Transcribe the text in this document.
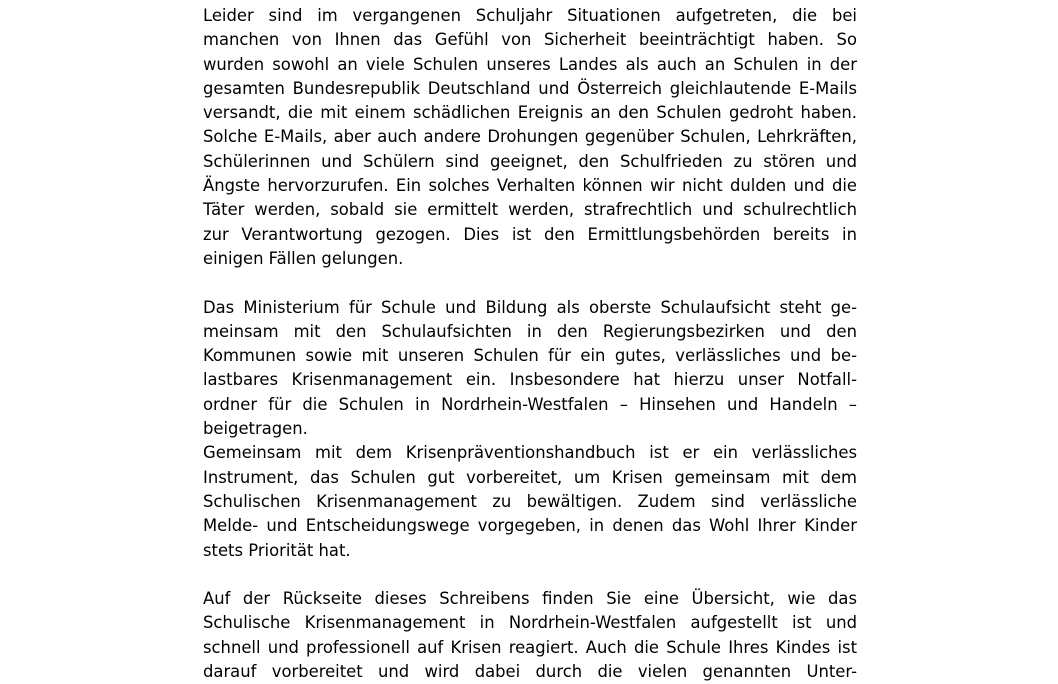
Leider sind im vergangenen Schuljahr Situationen aufgetreten, die bei
manchen von Ihnen das Gefühl von Sicherheit beeinträchtigt haben. So
wurden sowohl an viele Schulen unseres Landes als auch an Schulen in der
gesamten Bundesrepublik Deutschland und Österreich gleichlautende E-Mails
versandt, die mit einem schädlichen Ereignis an den Schulen gedroht haben.
Solche E-Mails, aber auch andere Drohungen gegenüber Schulen, Lehrkräften,
Schülerinnen und Schülern sind geeignet, den Schulfrieden zu stören und
Ängste hervorzurufen. Ein solches Verhalten können wir nicht dulden und die
Täter werden, sobald sie ermittelt werden, strafrechtlich und schulrechtlich
zur Verantwortung gezogen. Dies ist den Ermittlungsbehörden bereits in
einigen Fällen gelungen.

Das Ministerium für Schule und Bildung als oberste Schulaufsicht steht ge-
meinsam mit den Schulaufsichten in den Regierungsbezirken und den
Kommunen sowie mit unseren Schulen für ein gutes, verlässliches und be-
lastbares Krisenmanagement ein. Insbesondere hat hierzu unser Notfall-
ordner für die Schulen in Nordrhein-Westfalen – Hinsehen und Handeln –
beigetragen.

Gemeinsam mit dem Krisenpräventionshandbuch ist er ein verlässliches
Instrument, das Schulen gut vorbereitet, um Krisen gemeinsam mit dem
Schulischen Krisenmanagement zu bewältigen. Zudem sind verlässliche
Melde- und Entscheidungswege vorgegeben, in denen das Wohl Ihrer Kinder
stets Priorität hat.

Auf der Rückseite dieses Schreibens finden Sie eine Übersicht, wie das
Schulische Krisenmanagement in Nordrhein-Westfalen aufgestellt ist und
schnell und professionell auf Krisen reagiert. Auch die Schule Ihres Kindes ist
darauf vorbereitet und wird dabei durch die vielen genannten Unter-
